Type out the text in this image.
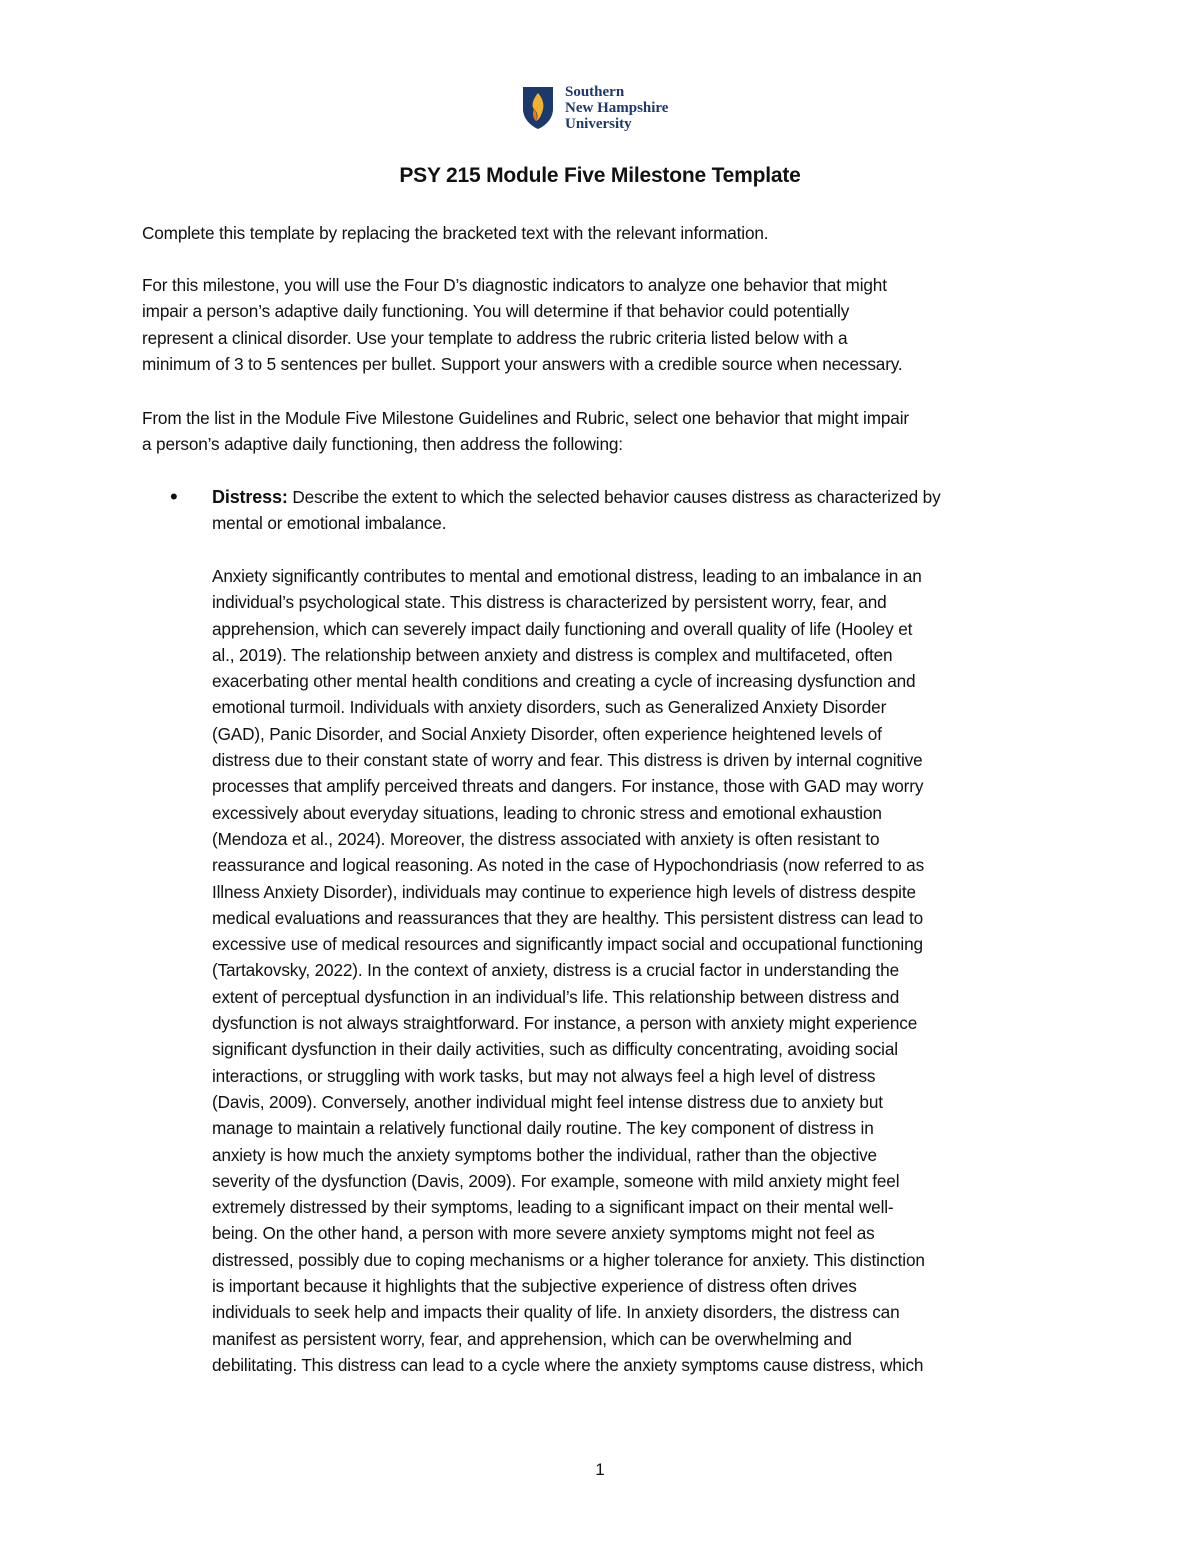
Southern
New Hampshire
University
PSY 215 Module Five Milestone Template
Complete this template by replacing the bracketed text with the relevant information.
For this milestone, you will use the Four D’s diagnostic indicators to analyze one behavior that might
impair a person’s adaptive daily functioning. You will determine if that behavior could potentially
represent a clinical disorder. Use your template to address the rubric criteria listed below with a
minimum of 3 to 5 sentences per bullet. Support your answers with a credible source when necessary.
From the list in the Module Five Milestone Guidelines and Rubric, select one behavior that might impair
a person’s adaptive daily functioning, then address the following:
• Distress: Describe the extent to which the selected behavior causes distress as characterized by
mental or emotional imbalance.
Anxiety significantly contributes to mental and emotional distress, leading to an imbalance in an
individual’s psychological state. This distress is characterized by persistent worry, fear, and
apprehension, which can severely impact daily functioning and overall quality of life (Hooley et
al., 2019). The relationship between anxiety and distress is complex and multifaceted, often
exacerbating other mental health conditions and creating a cycle of increasing dysfunction and
emotional turmoil. Individuals with anxiety disorders, such as Generalized Anxiety Disorder
(GAD), Panic Disorder, and Social Anxiety Disorder, often experience heightened levels of
distress due to their constant state of worry and fear. This distress is driven by internal cognitive
processes that amplify perceived threats and dangers. For instance, those with GAD may worry
excessively about everyday situations, leading to chronic stress and emotional exhaustion
(Mendoza et al., 2024). Moreover, the distress associated with anxiety is often resistant to
reassurance and logical reasoning. As noted in the case of Hypochondriasis (now referred to as
Illness Anxiety Disorder), individuals may continue to experience high levels of distress despite
medical evaluations and reassurances that they are healthy. This persistent distress can lead to
excessive use of medical resources and significantly impact social and occupational functioning
(Tartakovsky, 2022). In the context of anxiety, distress is a crucial factor in understanding the
extent of perceptual dysfunction in an individual’s life. This relationship between distress and
dysfunction is not always straightforward. For instance, a person with anxiety might experience
significant dysfunction in their daily activities, such as difficulty concentrating, avoiding social
interactions, or struggling with work tasks, but may not always feel a high level of distress
(Davis, 2009). Conversely, another individual might feel intense distress due to anxiety but
manage to maintain a relatively functional daily routine. The key component of distress in
anxiety is how much the anxiety symptoms bother the individual, rather than the objective
severity of the dysfunction (Davis, 2009). For example, someone with mild anxiety might feel
extremely distressed by their symptoms, leading to a significant impact on their mental well-
being. On the other hand, a person with more severe anxiety symptoms might not feel as
distressed, possibly due to coping mechanisms or a higher tolerance for anxiety. This distinction
is important because it highlights that the subjective experience of distress often drives
individuals to seek help and impacts their quality of life. In anxiety disorders, the distress can
manifest as persistent worry, fear, and apprehension, which can be overwhelming and
debilitating. This distress can lead to a cycle where the anxiety symptoms cause distress, which
1
